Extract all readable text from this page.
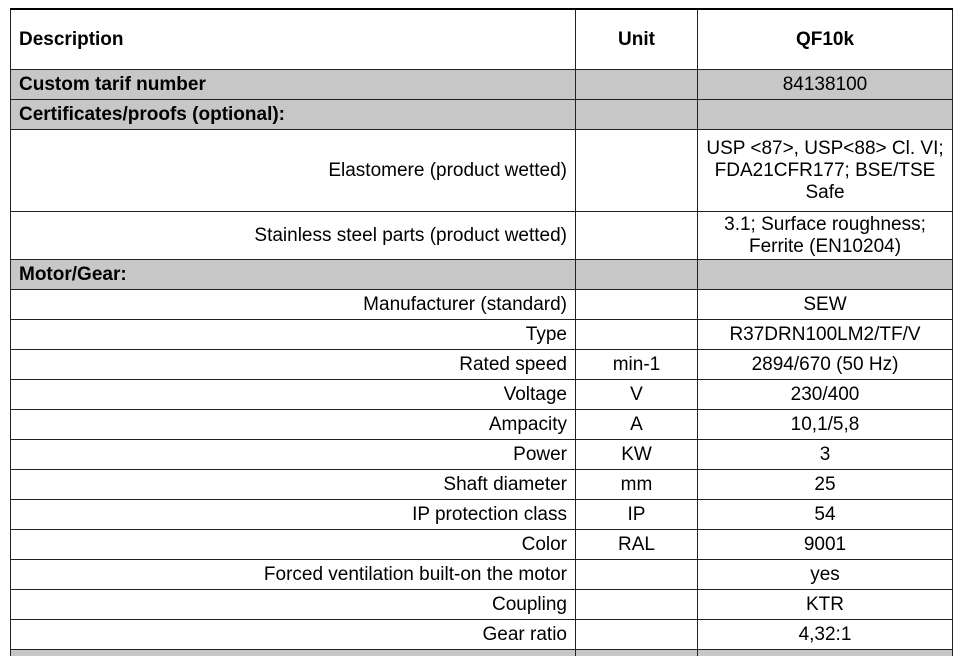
Description	Unit	QF10k
Custom tarif number		84138100
Certificates/proofs (optional):		
Elastomere (product wetted)		USP <87>, USP<88> Cl. VI; FDA21CFR177; BSE/TSE Safe
Stainless steel parts (product wetted)		3.1; Surface roughness; Ferrite (EN10204)
Motor/Gear:		
Manufacturer (standard)		SEW
Type		R37DRN100LM2/TF/V
Rated speed	min-1	2894/670 (50 Hz)
Voltage	V	230/400
Ampacity	A	10,1/5,8
Power	KW	3
Shaft diameter	mm	25
IP protection class	IP	54
Color	RAL	9001
Forced ventilation built-on the motor		yes
Coupling		KTR
Gear ratio		4,32:1
